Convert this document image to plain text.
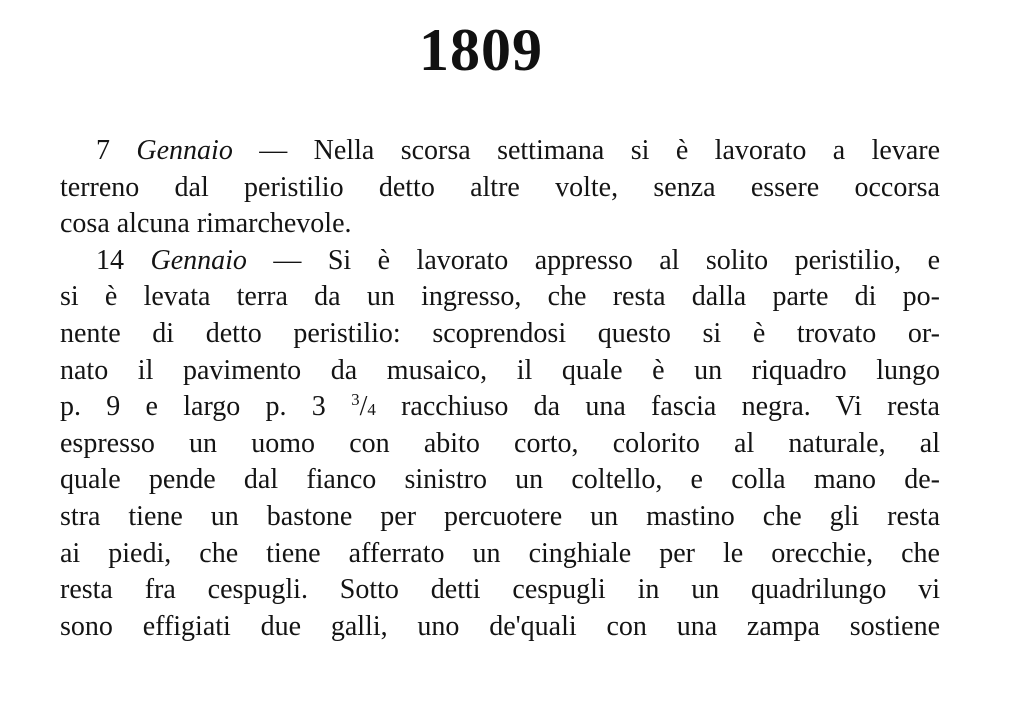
1809
7 Gennaio — Nella scorsa settimana si è lavorato a levare
terreno dal peristilio detto altre volte, senza essere occorsa
cosa alcuna rimarchevole.
14 Gennaio — Si è lavorato appresso al solito peristilio, e
si è levata terra da un ingresso, che resta dalla parte di po-
nente di detto peristilio: scoprendosi questo si è trovato or-
nato il pavimento da musaico, il quale è un riquadro lungo
p. 9 e largo p. 3 $^3$/4 racchiuso da una fascia negra. Vi resta
espresso un uomo con abito corto, colorito al naturale, al
quale pende dal fianco sinistro un coltello, e colla mano de-
stra tiene un bastone per percuotere un mastino che gli resta
ai piedi, che tiene afferrato un cinghiale per le orecchie, che
resta fra cespugli. Sotto detti cespugli in un quadrilungo vi
sono effigiati due galli, uno de'quali con una zampa sostiene
